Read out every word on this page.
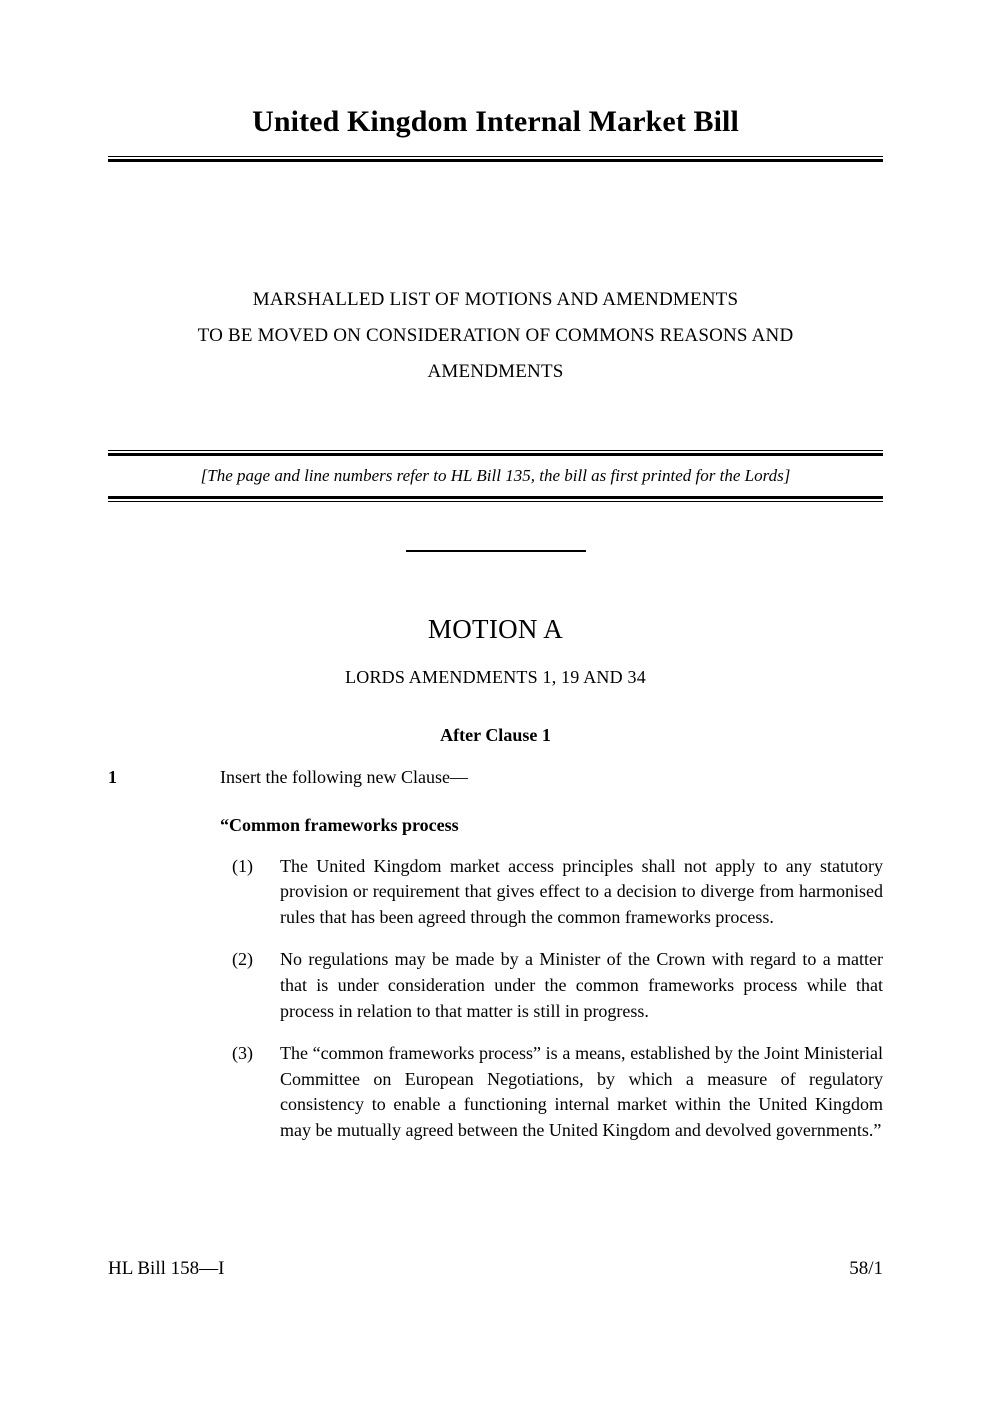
United Kingdom Internal Market Bill
MARSHALLED LIST OF MOTIONS AND AMENDMENTS
TO BE MOVED ON CONSIDERATION OF COMMONS REASONS AND
AMENDMENTS
[The page and line numbers refer to HL Bill 135, the bill as first printed for the Lords]
MOTION A
LORDS AMENDMENTS 1, 19 AND 34
After Clause 1
1	Insert the following new Clause—
“Common frameworks process
(1)	The United Kingdom market access principles shall not apply to any statutory provision or requirement that gives effect to a decision to diverge from harmonised rules that has been agreed through the common frameworks process.
(2)	No regulations may be made by a Minister of the Crown with regard to a matter that is under consideration under the common frameworks process while that process in relation to that matter is still in progress.
(3)	The “common frameworks process” is a means, established by the Joint Ministerial Committee on European Negotiations, by which a measure of regulatory consistency to enable a functioning internal market within the United Kingdom may be mutually agreed between the United Kingdom and devolved governments.”
HL Bill 158—I	58/1
